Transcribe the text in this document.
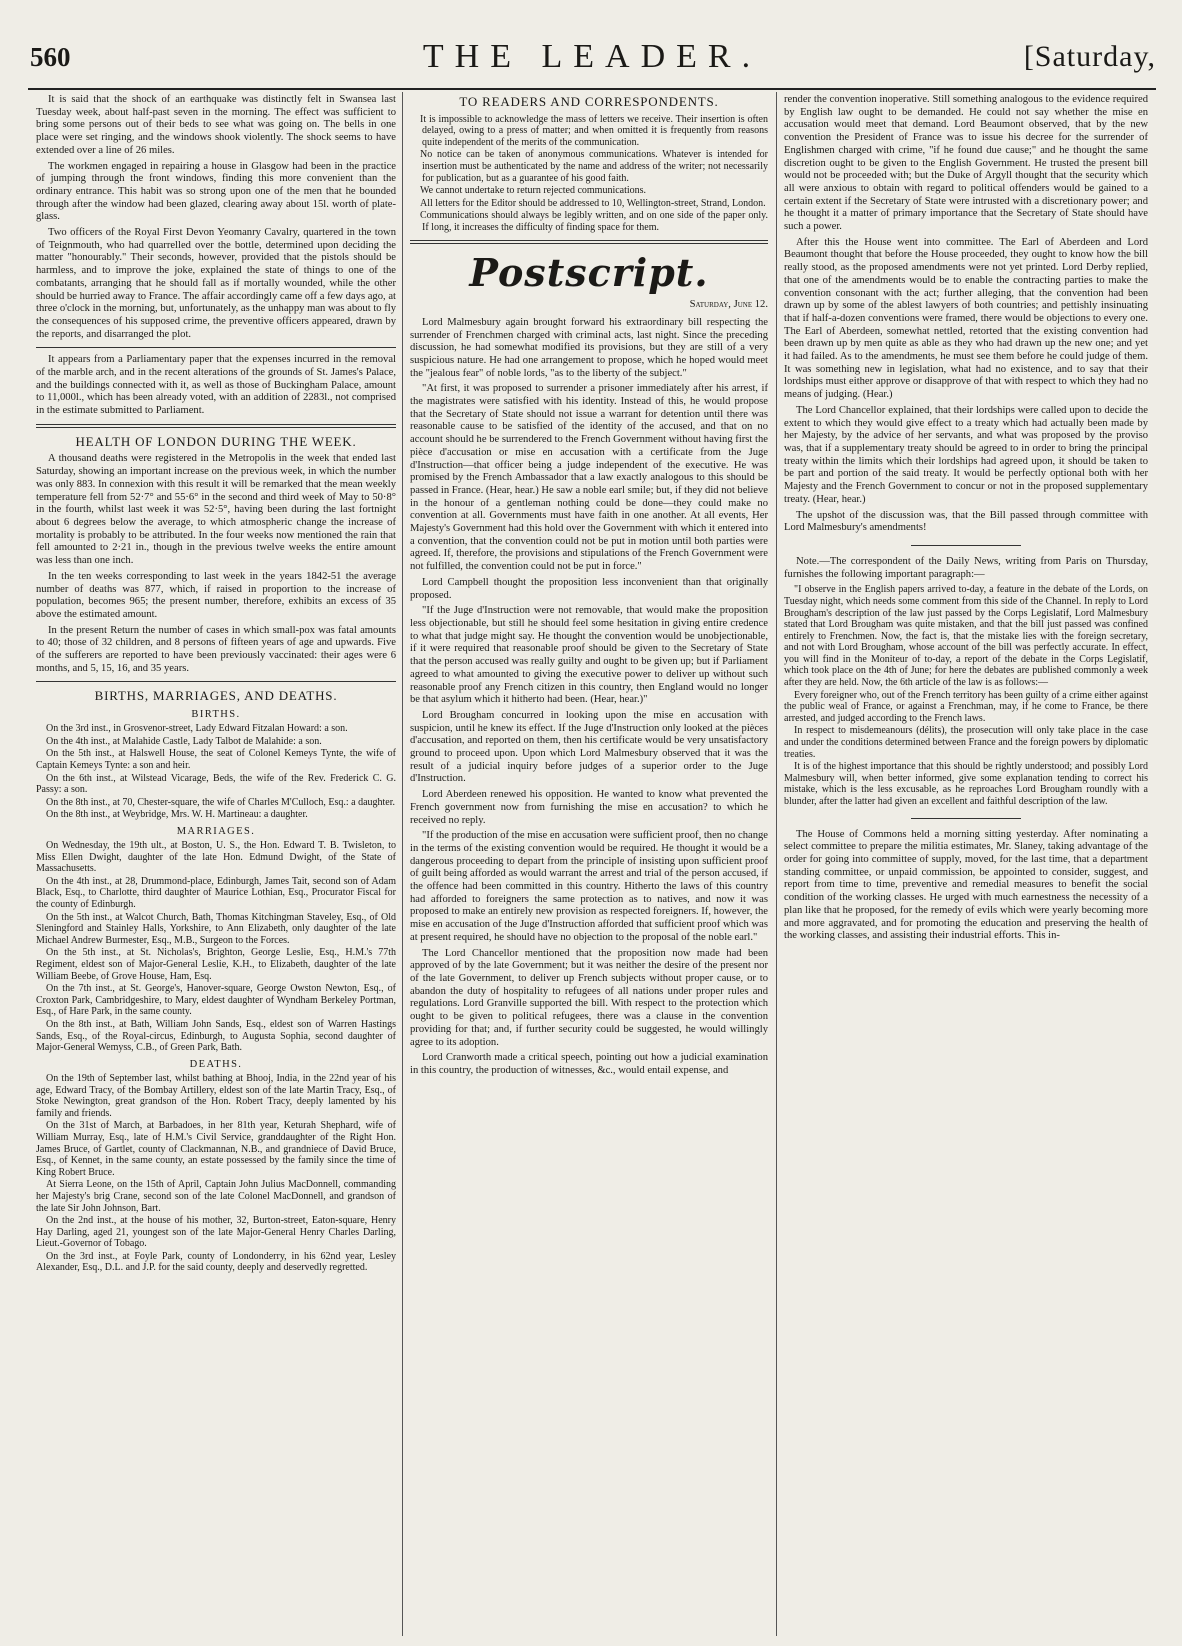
560	THE LEADER.	[Saturday,

It is said that the shock of an earthquake was distinctly felt in Swansea last Tuesday week, about half-past seven in the morning. The effect was sufficient to bring some persons out of their beds to see what was going on. The bells in one place were set ringing, and the windows shook violently. The shock seems to have extended over a line of 26 miles.

The workmen engaged in repairing a house in Glasgow had been in the practice of jumping through the front windows, finding this more convenient than the ordinary entrance. This habit was so strong upon one of the men that he bounded through after the window had been glazed, clearing away about 15l. worth of plate-glass.

Two officers of the Royal First Devon Yeomanry Cavalry, quartered in the town of Teignmouth, who had quarrelled over the bottle, determined upon deciding the matter "honourably." Their seconds, however, provided that the pistols should be harmless, and to improve the joke, explained the state of things to one of the combatants, arranging that he should fall as if mortally wounded, while the other should be hurried away to France. The affair accordingly came off a few days ago, at three o'clock in the morning, but, unfortunately, as the unhappy man was about to fly the consequences of his supposed crime, the preventive officers appeared, drawn by the reports, and disarranged the plot.

It appears from a Parliamentary paper that the expenses incurred in the removal of the marble arch, and in the recent alterations of the grounds of St. James's Palace, and the buildings connected with it, as well as those of Buckingham Palace, amount to 11,000l., which has been already voted, with an addition of 2283l., not comprised in the estimate submitted to Parliament.

HEALTH OF LONDON DURING THE WEEK.

A thousand deaths were registered in the Metropolis in the week that ended last Saturday, showing an important increase on the previous week, in which the number was only 883. In connexion with this result it will be remarked that the mean weekly temperature fell from 52·7° and 55·6° in the second and third week of May to 50·8° in the fourth, whilst last week it was 52·5°, having been during the last fortnight about 6 degrees below the average, to which atmospheric change the increase of mortality is probably to be attributed. In the four weeks now mentioned the rain that fell amounted to 2·21 in., though in the previous twelve weeks the entire amount was less than one inch.

In the ten weeks corresponding to last week in the years 1842-51 the average number of deaths was 877, which, if raised in proportion to the increase of population, becomes 965; the present number, therefore, exhibits an excess of 35 above the estimated amount.

In the present Return the number of cases in which small-pox was fatal amounts to 40; those of 32 children, and 8 persons of fifteen years of age and upwards. Five of the sufferers are reported to have been previously vaccinated: their ages were 6 months, and 5, 15, 16, and 35 years.

BIRTHS, MARRIAGES, AND DEATHS.
BIRTHS.

On the 3rd inst., in Grosvenor-street, Lady Edward Fitzalan Howard: a son.

On the 4th inst., at Malahide Castle, Lady Talbot de Malahide: a son.

On the 5th inst., at Halswell House, the seat of Colonel Kemeys Tynte, the wife of Captain Kemeys Tynte: a son and heir.

On the 6th inst., at Wilstead Vicarage, Beds, the wife of the Rev. Frederick C. G. Passy: a son.

On the 8th inst., at 70, Chester-square, the wife of Charles M'Culloch, Esq.: a daughter.

On the 8th inst., at Weybridge, Mrs. W. H. Martineau: a daughter.

MARRIAGES.

On Wednesday, the 19th ult., at Boston, U. S., the Hon. Edward T. B. Twisleton, to Miss Ellen Dwight, daughter of the late Hon. Edmund Dwight, of the State of Massachusetts.

On the 4th inst., at 28, Drummond-place, Edinburgh, James Tait, second son of Adam Black, Esq., to Charlotte, third daughter of Maurice Lothian, Esq., Procurator Fiscal for the county of Edinburgh.

On the 5th inst., at Walcot Church, Bath, Thomas Kitchingman Staveley, Esq., of Old Sleningford and Stainley Halls, Yorkshire, to Ann Elizabeth, only daughter of the late Michael Andrew Burmester, Esq., M.B., Surgeon to the Forces.

On the 5th inst., at St. Nicholas's, Brighton, George Leslie, Esq., H.M.'s 77th Regiment, eldest son of Major-General Leslie, K.H., to Elizabeth, daughter of the late William Beebe, of Grove House, Ham, Esq.

On the 7th inst., at St. George's, Hanover-square, George Owston Newton, Esq., of Croxton Park, Cambridgeshire, to Mary, eldest daughter of Wyndham Berkeley Portman, Esq., of Hare Park, in the same county.

On the 8th inst., at Bath, William John Sands, Esq., eldest son of Warren Hastings Sands, Esq., of the Royal-circus, Edinburgh, to Augusta Sophia, second daughter of Major-General Wemyss, C.B., of Green Park, Bath.

DEATHS.

On the 19th of September last, whilst bathing at Bhooj, India, in the 22nd year of his age, Edward Tracy, of the Bombay Artillery, eldest son of the late Martin Tracy, Esq., of Stoke Newington, great grandson of the Hon. Robert Tracy, deeply lamented by his family and friends.

On the 31st of March, at Barbadoes, in her 81th year, Keturah Shephard, wife of William Murray, Esq., late of H.M.'s Civil Service, granddaughter of the Right Hon. James Bruce, of Gartlet, county of Clackmannan, N.B., and grandniece of David Bruce, Esq., of Kennet, in the same county, an estate possessed by the family since the time of King Robert Bruce.

At Sierra Leone, on the 15th of April, Captain John Julius MacDonnell, commanding her Majesty's brig Crane, second son of the late Colonel MacDonnell, and grandson of the late Sir John Johnson, Bart.

On the 2nd inst., at the house of his mother, 32, Burton-street, Eaton-square, Henry Hay Darling, aged 21, youngest son of the late Major-General Henry Charles Darling, Lieut.-Governor of Tobago.

On the 3rd inst., at Foyle Park, county of Londonderry, in his 62nd year, Lesley Alexander, Esq., D.L. and J.P. for the said county, deeply and deservedly regretted.

TO READERS AND CORRESPONDENTS.

It is impossible to acknowledge the mass of letters we receive. Their insertion is often delayed, owing to a press of matter; and when omitted it is frequently from reasons quite independent of the merits of the communication.

No notice can be taken of anonymous communications. Whatever is intended for insertion must be authenticated by the name and address of the writer; not necessarily for publication, but as a guarantee of his good faith.

We cannot undertake to return rejected communications.

All letters for the Editor should be addressed to 10, Wellington-street, Strand, London.

Communications should always be legibly written, and on one side of the paper only. If long, it increases the difficulty of finding space for them.

Postscript.
Saturday, June 12.

Lord Malmesbury again brought forward his extraordinary bill respecting the surrender of Frenchmen charged with criminal acts, last night. Since the preceding discussion, he had somewhat modified its provisions, but they are still of a very suspicious nature. He had one arrangement to propose, which he hoped would meet the "jealous fear" of noble lords, "as to the liberty of the subject."

"At first, it was proposed to surrender a prisoner immediately after his arrest, if the magistrates were satisfied with his identity. Instead of this, he would propose that the Secretary of State should not issue a warrant for detention until there was reasonable cause to be satisfied of the identity of the accused, and that on no account should he be surrendered to the French Government without having first the pièce d'accusation or mise en accusation with a certificate from the Juge d'Instruction—that officer being a judge independent of the executive. He was promised by the French Ambassador that a law exactly analogous to this should be passed in France. (Hear, hear.) He saw a noble earl smile; but, if they did not believe in the honour of a gentleman nothing could be done—they could make no convention at all. Governments must have faith in one another. At all events, Her Majesty's Government had this hold over the Government with which it entered into a convention, that the convention could not be put in motion until both parties were agreed. If, therefore, the provisions and stipulations of the French Government were not fulfilled, the convention could not be put in force."

Lord Campbell thought the proposition less inconvenient than that originally proposed.

"If the Juge d'Instruction were not removable, that would make the proposition less objectionable, but still he should feel some hesitation in giving entire credence to what that judge might say. He thought the convention would be unobjectionable, if it were required that reasonable proof should be given to the Secretary of State that the person accused was really guilty and ought to be given up; but if Parliament agreed to what amounted to giving the executive power to deliver up without such reasonable proof any French citizen in this country, then England would no longer be that asylum which it hitherto had been. (Hear, hear.)"

Lord Brougham concurred in looking upon the mise en accusation with suspicion, until he knew its effect. If the Juge d'Instruction only looked at the pièces d'accusation, and reported on them, then his certificate would be very unsatisfactory ground to proceed upon. Upon which Lord Malmesbury observed that it was the result of a judicial inquiry before judges of a superior order to the Juge d'Instruction.

Lord Aberdeen renewed his opposition. He wanted to know what prevented the French government now from furnishing the mise en accusation? to which he received no reply.

"If the production of the mise en accusation were sufficient proof, then no change in the terms of the existing convention would be required. He thought it would be a dangerous proceeding to depart from the principle of insisting upon sufficient proof of guilt being afforded as would warrant the arrest and trial of the person accused, if the offence had been committed in this country. Hitherto the laws of this country had afforded to foreigners the same protection as to natives, and now it was proposed to make an entirely new provision as respected foreigners. If, however, the mise en accusation of the Juge d'Instruction afforded that sufficient proof which was at present required, he should have no objection to the proposal of the noble earl."

The Lord Chancellor mentioned that the proposition now made had been approved of by the late Government; but it was neither the desire of the present nor of the late Government, to deliver up French subjects without proper cause, or to abandon the duty of hospitality to refugees of all nations under proper rules and regulations. Lord Granville supported the bill. With respect to the protection which ought to be given to political refugees, there was a clause in the convention providing for that; and, if further security could be suggested, he would willingly agree to its adoption.

Lord Cranworth made a critical speech, pointing out how a judicial examination in this country, the production of witnesses, &c., would entail expense, and

render the convention inoperative. Still something analogous to the evidence required by English law ought to be demanded. He could not say whether the mise en accusation would meet that demand. Lord Beaumont observed, that by the new convention the President of France was to issue his decree for the surrender of Englishmen charged with crime, "if he found due cause;" and he thought the same discretion ought to be given to the English Government. He trusted the present bill would not be proceeded with; but the Duke of Argyll thought that the security which all were anxious to obtain with regard to political offenders would be gained to a certain extent if the Secretary of State were intrusted with a discretionary power; and he thought it a matter of primary importance that the Secretary of State should have such a power.

After this the House went into committee. The Earl of Aberdeen and Lord Beaumont thought that before the House proceeded, they ought to know how the bill really stood, as the proposed amendments were not yet printed. Lord Derby replied, that one of the amendments would be to enable the contracting parties to make the convention consonant with the act; further alleging, that the convention had been drawn up by some of the ablest lawyers of both countries; and pettishly insinuating that if half-a-dozen conventions were framed, there would be objections to every one. The Earl of Aberdeen, somewhat nettled, retorted that the existing convention had been drawn up by men quite as able as they who had drawn up the new one; and yet it had failed. As to the amendments, he must see them before he could judge of them. It was something new in legislation, what had no existence, and to say that their lordships must either approve or disapprove of that with respect to which they had no means of judging. (Hear.)

The Lord Chancellor explained, that their lordships were called upon to decide the extent to which they would give effect to a treaty which had actually been made by her Majesty, by the advice of her servants, and what was proposed by the proviso was, that if a supplementary treaty should be agreed to in order to bring the principal treaty within the limits which their lordships had agreed upon, it should be taken to be part and portion of the said treaty. It would be perfectly optional both with her Majesty and the French Government to concur or not in the proposed supplementary treaty. (Hear, hear.)

The upshot of the discussion was, that the Bill passed through committee with Lord Malmesbury's amendments!

Note.—The correspondent of the Daily News, writing from Paris on Thursday, furnishes the following important paragraph:—

"I observe in the English papers arrived to-day, a feature in the debate of the Lords, on Tuesday night, which needs some comment from this side of the Channel. In reply to Lord Brougham's description of the law just passed by the Corps Legislatif, Lord Malmesbury stated that Lord Brougham was quite mistaken, and that the bill just passed was confined entirely to Frenchmen. Now, the fact is, that the mistake lies with the foreign secretary, and not with Lord Brougham, whose account of the bill was perfectly accurate. In effect, you will find in the Moniteur of to-day, a report of the debate in the Corps Legislatif, which took place on the 4th of June; for here the debates are published commonly a week after they are held. Now, the 6th article of the law is as follows:—

Every foreigner who, out of the French territory has been guilty of a crime either against the public weal of France, or against a Frenchman, may, if he come to France, be there arrested, and judged according to the French laws.

In respect to misdemeanours (délits), the prosecution will only take place in the case and under the conditions determined between France and the foreign powers by diplomatic treaties.

It is of the highest importance that this should be rightly understood; and possibly Lord Malmesbury will, when better informed, give some explanation tending to correct his mistake, which is the less excusable, as he reproaches Lord Brougham roundly with a blunder, after the latter had given an excellent and faithful description of the law.

The House of Commons held a morning sitting yesterday. After nominating a select committee to prepare the militia estimates, Mr. Slaney, taking advantage of the order for going into committee of supply, moved, for the last time, that a department standing committee, or unpaid commission, be appointed to consider, suggest, and report from time to time, preventive and remedial measures to benefit the social condition of the working classes. He urged with much earnestness the necessity of a plan like that he proposed, for the remedy of evils which were yearly becoming more and more aggravated, and for promoting the education and preserving the health of the working classes, and assisting their industrial efforts. This in-
